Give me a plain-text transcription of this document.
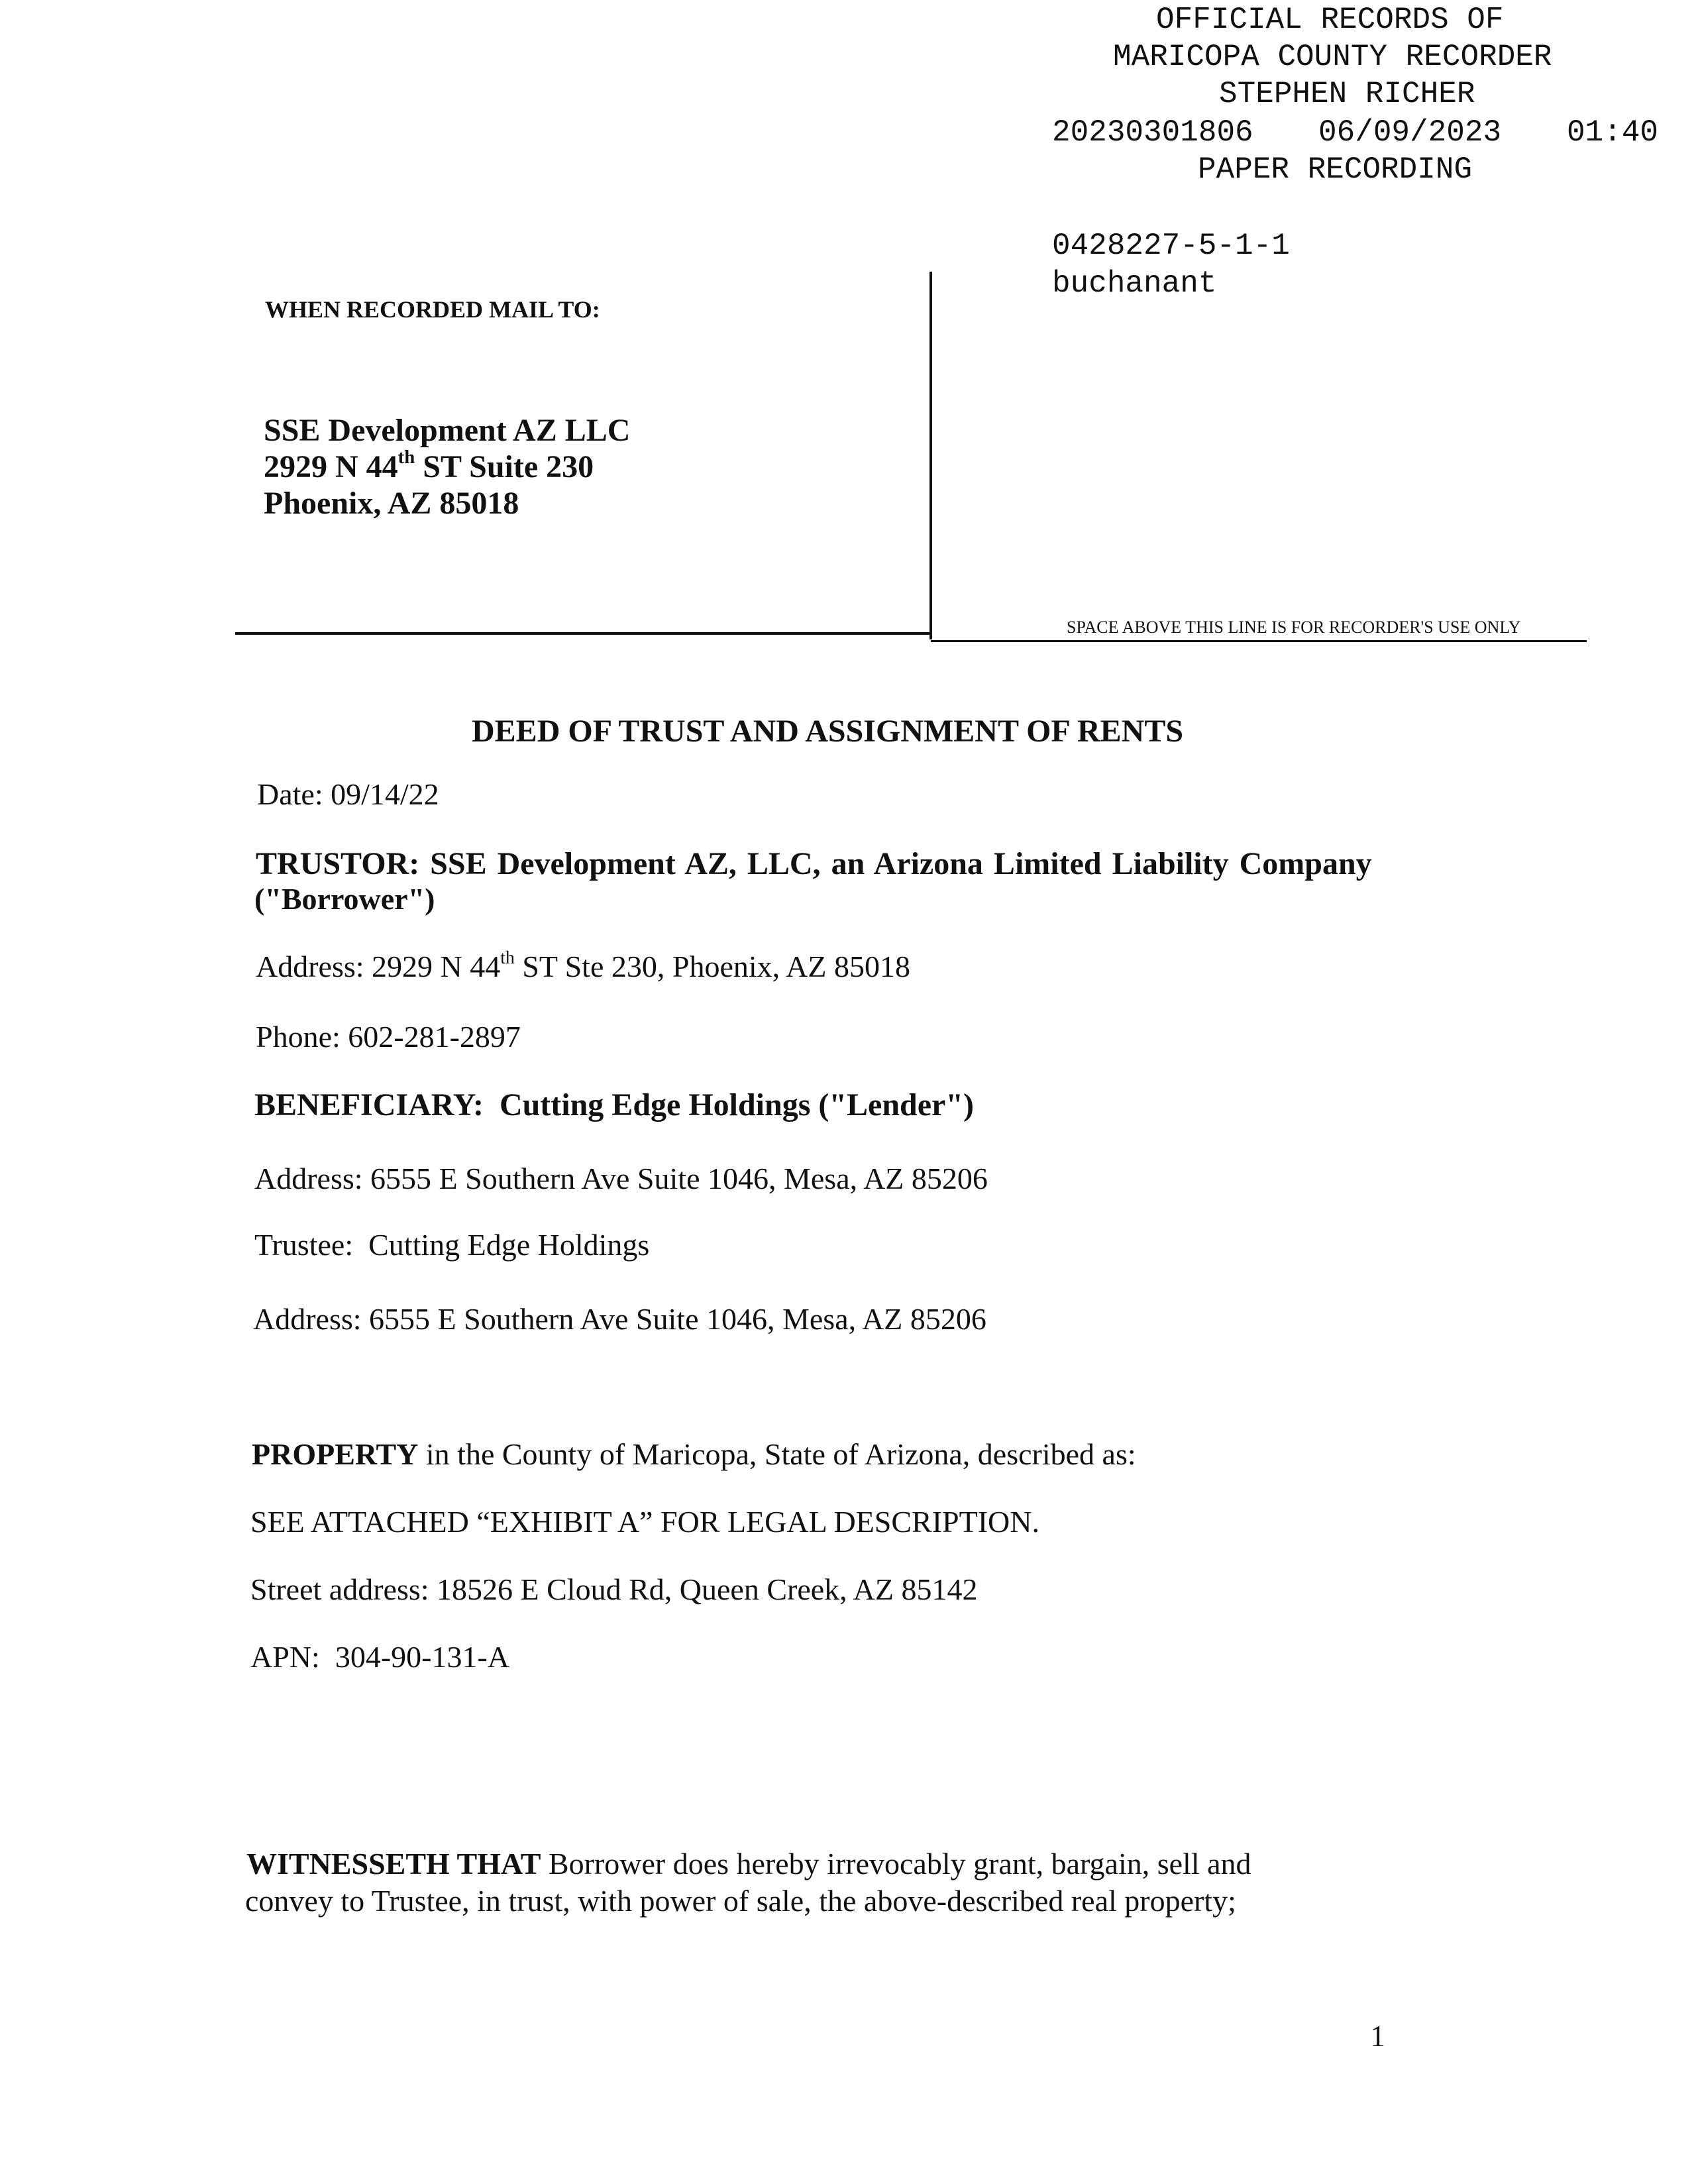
OFFICIAL RECORDS OF
MARICOPA COUNTY RECORDER
STEPHEN RICHER
20230301806 06/09/2023 01:40
PAPER RECORDING
0428227-5-1-1
buchanant
WHEN RECORDED MAIL TO:
SSE Development AZ LLC
2929 N 44th ST Suite 230
Phoenix, AZ 85018
SPACE ABOVE THIS LINE IS FOR RECORDER'S USE ONLY
DEED OF TRUST AND ASSIGNMENT OF RENTS
Date: 09/14/22
TRUSTOR: SSE Development AZ, LLC, an Arizona Limited Liability Company
("Borrower")
Address: 2929 N 44th ST Ste 230, Phoenix, AZ 85018
Phone: 602-281-2897
BENEFICIARY: Cutting Edge Holdings ("Lender")
Address: 6555 E Southern Ave Suite 1046, Mesa, AZ 85206
Trustee: Cutting Edge Holdings
Address: 6555 E Southern Ave Suite 1046, Mesa, AZ 85206
PROPERTY in the County of Maricopa, State of Arizona, described as:
SEE ATTACHED “EXHIBIT A” FOR LEGAL DESCRIPTION.
Street address: 18526 E Cloud Rd, Queen Creek, AZ 85142
APN: 304-90-131-A
WITNESSETH THAT Borrower does hereby irrevocably grant, bargain, sell and
convey to Trustee, in trust, with power of sale, the above-described real property;
1
